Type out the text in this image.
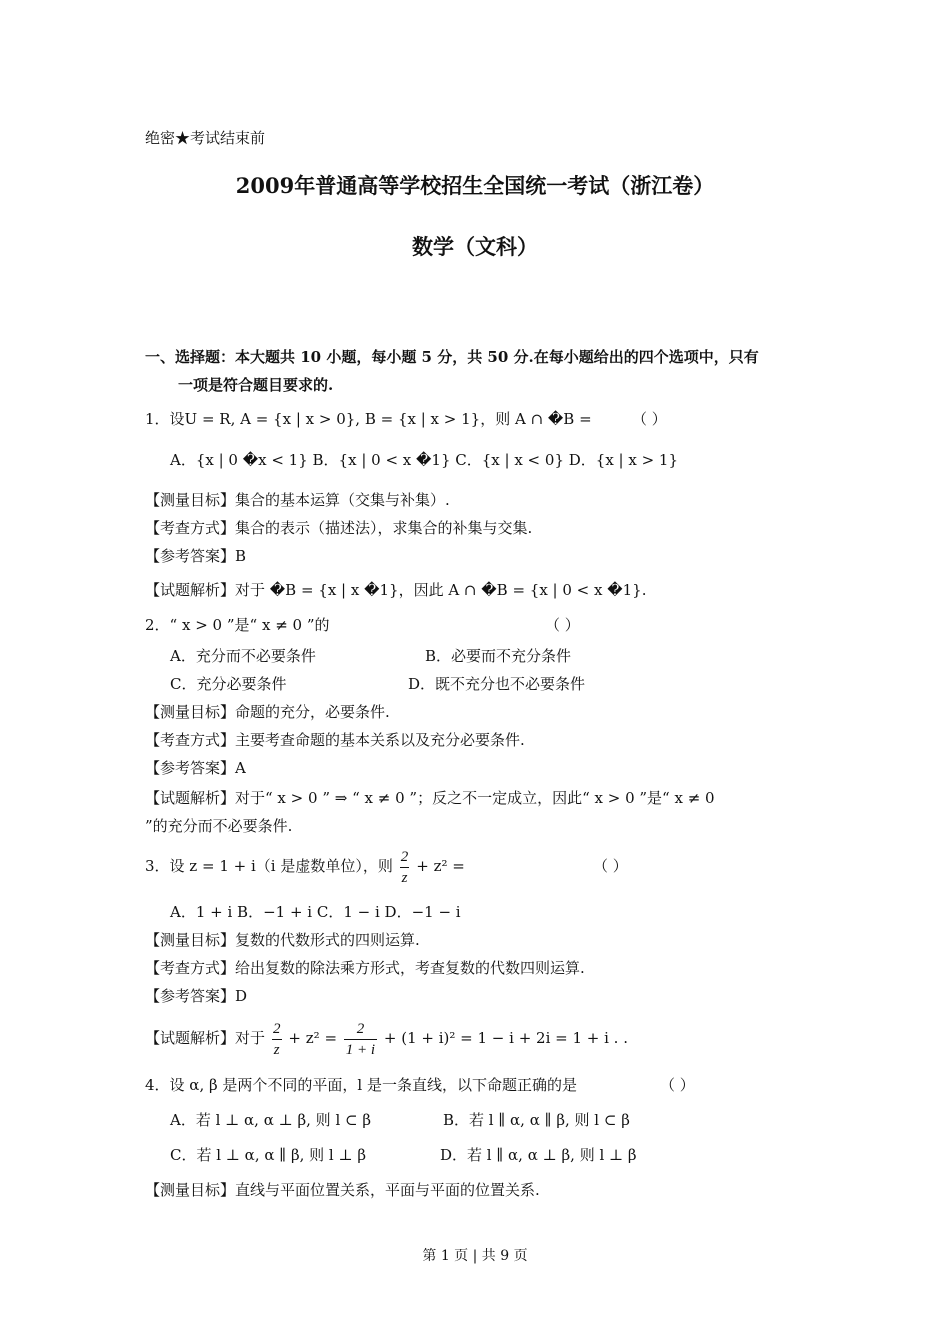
绝密★考试结束前
2009年普通高等学校招生全国统一考试（浙江卷）
数学（文科）
一、选择题：本大题共 10 小题，每小题 5 分，共 50 分.在每小题给出的四个选项中，只有
一项是符合题目要求的.
1．设U = R, A = {x | x > 0}, B = {x | x > 1}，则 A ∩ �B =	（ ）
A．{x | 0 �x < 1} B．{x | 0 < x �1} C．{x | x < 0} D．{x | x > 1}
【测量目标】集合的基本运算（交集与补集）.
【考查方式】集合的表示（描述法），求集合的补集与交集.
【参考答案】B
【试题解析】对于 �B = {x | x �1}，因此 A ∩ �B = {x | 0 < x �1}.
2．“ x > 0 ”是“ x ≠ 0 ”的	（ ）
A．充分而不必要条件	B．必要而不充分条件
C．充分必要条件	D．既不充分也不必要条件
【测量目标】命题的充分，必要条件.
【考查方式】主要考查命题的基本关系以及充分必要条件.
【参考答案】A
【试题解析】对于“ x > 0 ” ⇒ “ x ≠ 0 ”；反之不一定成立，因此“ x > 0 ”是“ x ≠ 0
”的充分而不必要条件.
3．设 z = 1 + i（i 是虚数单位），则 $\frac{2}{z} + z^2$ =	（ ）
A．1 + i B．−1 + i C．1 − i D．−1 − i
【测量目标】复数的代数形式的四则运算.
【考查方式】给出复数的除法乘方形式，考查复数的代数四则运算.
【参考答案】D
【试题解析】对于 $\frac{2}{z} + z^2 = \frac{2}{1 + i} + (1 + i)^2 = 1 - i + 2i = 1 + i$ . .
4．设 α, β 是两个不同的平面，l 是一条直线，以下命题正确的是	（ ）
A．若 l ⊥ α, α ⊥ β, 则 l ⊂ β	B．若 l ∥ α, α ∥ β, 则 l ⊂ β
C．若 l ⊥ α, α ∥ β, 则 l ⊥ β	D．若 l ∥ α, α ⊥ β, 则 l ⊥ β
【测量目标】直线与平面位置关系，平面与平面的位置关系.
第 1 页 | 共 9 页
